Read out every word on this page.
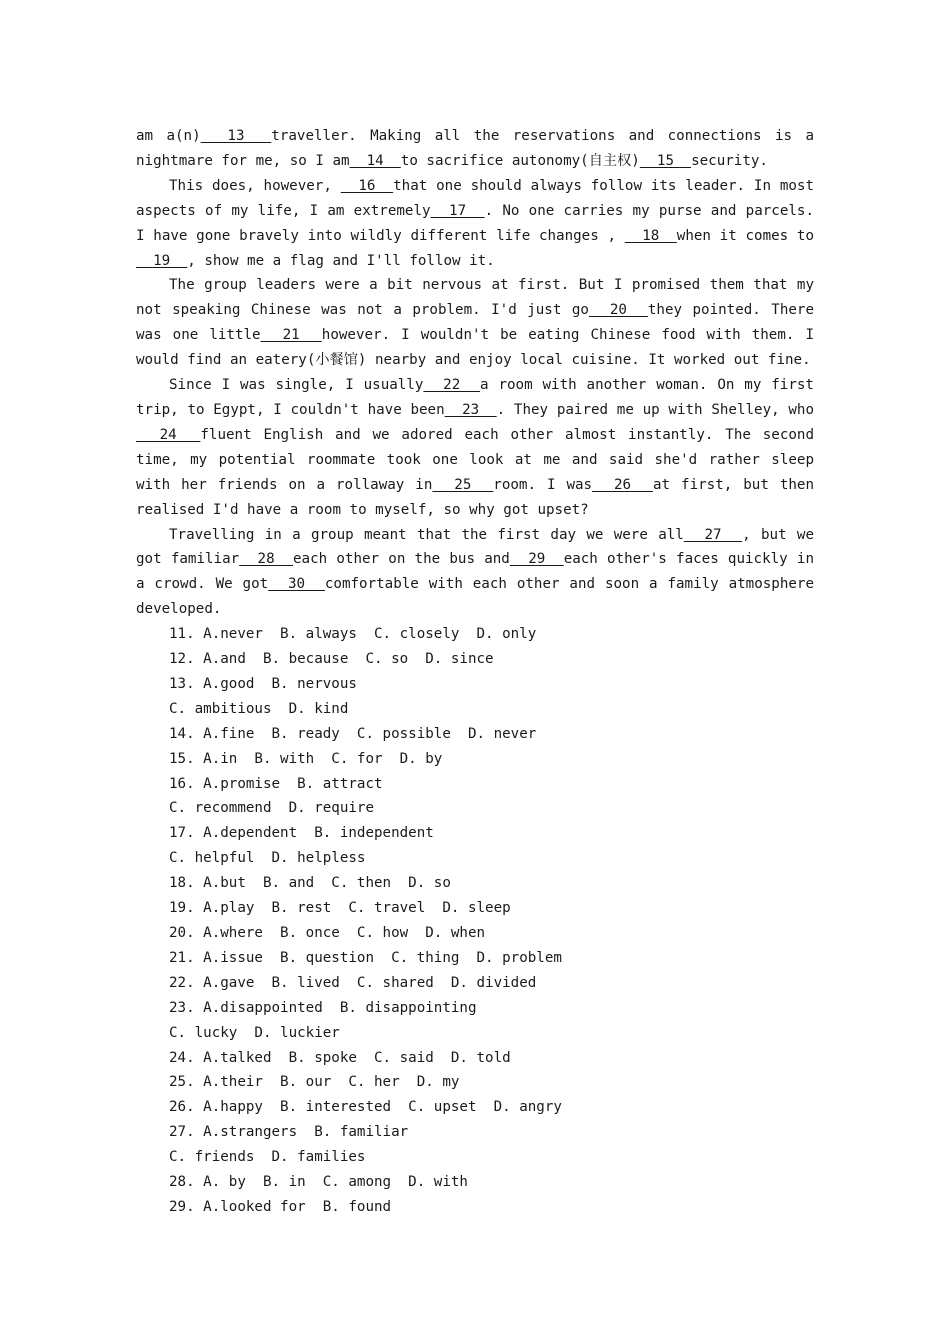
am a(n)  13  traveller. Making all the reservations and connections is a nightmare for me, so I am  14  to sacrifice autonomy(自主权)  15  security.

This does, however,   16  that one should always follow its leader. In most aspects of my life, I am extremely  17  . No one carries my purse and parcels. I have gone bravely into wildly different life changes ,   18  when it comes to  19  , show me a flag and I'll follow it.

The group leaders were a bit nervous at first. But I promised them that my not speaking Chinese was not a problem. I'd just go  20  they pointed. There was one little  21  however. I wouldn't be eating Chinese food with them. I would find an eatery(小餐馆) nearby and enjoy local cuisine. It worked out fine.

Since I was single, I usually  22  a room with another woman. On my first trip, to Egypt, I couldn't have been  23  . They paired me up with Shelley, who  24  fluent English and we adored each other almost instantly. The second time, my potential roommate took one look at me and said she'd rather sleep with her friends on a rollaway in  25  room. I was  26  at first, but then realised I'd have a room to myself, so why got upset?

Travelling in a group meant that the first day we were all  27  , but we got familiar  28  each other on the bus and  29  each other's faces quickly in a crowd. We got  30  comfortable with each other and soon a family atmosphere developed.

11. A.never  B. always  C. closely  D. only

12. A.and  B. because  C. so  D. since

13. A.good  B. nervous

C. ambitious  D. kind

14. A.fine  B. ready  C. possible  D. never

15. A.in  B. with  C. for  D. by

16. A.promise  B. attract

C. recommend  D. require

17. A.dependent  B. independent

C. helpful  D. helpless

18. A.but  B. and  C. then  D. so

19. A.play  B. rest  C. travel  D. sleep

20. A.where  B. once  C. how  D. when

21. A.issue  B. question  C. thing  D. problem

22. A.gave  B. lived  C. shared  D. divided

23. A.disappointed  B. disappointing

C. lucky  D. luckier

24. A.talked  B. spoke  C. said  D. told

25. A.their  B. our  C. her  D. my

26. A.happy  B. interested  C. upset  D. angry

27. A.strangers  B. familiar

C. friends  D. families

28. A. by  B. in  C. among  D. with

29. A.looked for  B. found
